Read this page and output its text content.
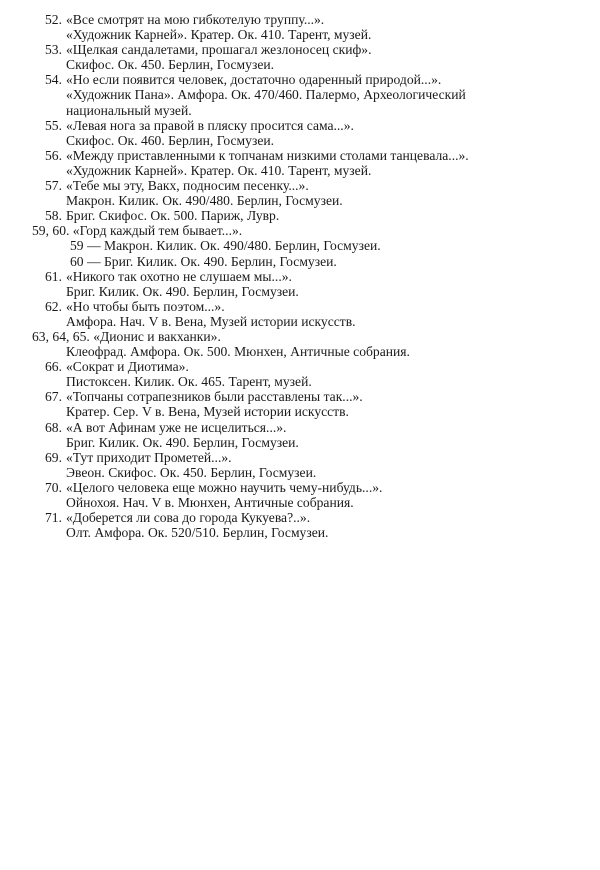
52. «Все смотрят на мою гибкотелую труппу...».
«Художник Карней». Кратер. Ок. 410. Тарент, музей.
53. «Щелкая сандалетами, прошагал жезлоносец скиф».
Скифос. Ок. 450. Берлин, Госмузеи.
54. «Но если появится человек, достаточно одаренный природой...».
«Художник Пана». Амфора. Ок. 470/460. Палермо, Археологический
национальный музей.
55. «Левая нога за правой в пляску просится сама...».
Скифос. Ок. 460. Берлин, Госмузеи.
56. «Между приставленными к топчанам низкими столами танцевала...».
«Художник Карней». Кратер. Ок. 410. Тарент, музей.
57. «Тебе мы эту, Вакх, подносим песенку...».
Макрон. Килик. Ок. 490/480. Берлин, Госмузеи.
58. Бриг. Скифос. Ок. 500. Париж, Лувр.
59, 60. «Горд каждый тем бывает...».
59 — Макрон. Килик. Ок. 490/480. Берлин, Госмузеи.
60 — Бриг. Килик. Ок. 490. Берлин, Госмузеи.
61. «Никого так охотно не слушаем мы...».
Бриг. Килик. Ок. 490. Берлин, Госмузеи.
62. «Но чтобы быть поэтом...».
Амфора. Нач. V в. Вена, Музей истории искусств.
63, 64, 65. «Дионис и вакханки».
Клеофрад. Амфора. Ок. 500. Мюнхен, Античные собрания.
66. «Сократ и Диотима».
Пистоксен. Килик. Ок. 465. Тарент, музей.
67. «Топчаны сотрапезников были расставлены так...».
Кратер. Сер. V в. Вена, Музей истории искусств.
68. «А вот Афинам уже не исцелиться...».
Бриг. Килик. Ок. 490. Берлин, Госмузеи.
69. «Тут приходит Прометей...».
Эвеон. Скифос. Ок. 450. Берлин, Госмузеи.
70. «Целого человека еще можно научить чему-нибудь...».
Ойнохоя. Нач. V в. Мюнхен, Античные собрания.
71. «Доберется ли сова до города Кукуева?..».
Олт. Амфора. Ок. 520/510. Берлин, Госмузеи.
